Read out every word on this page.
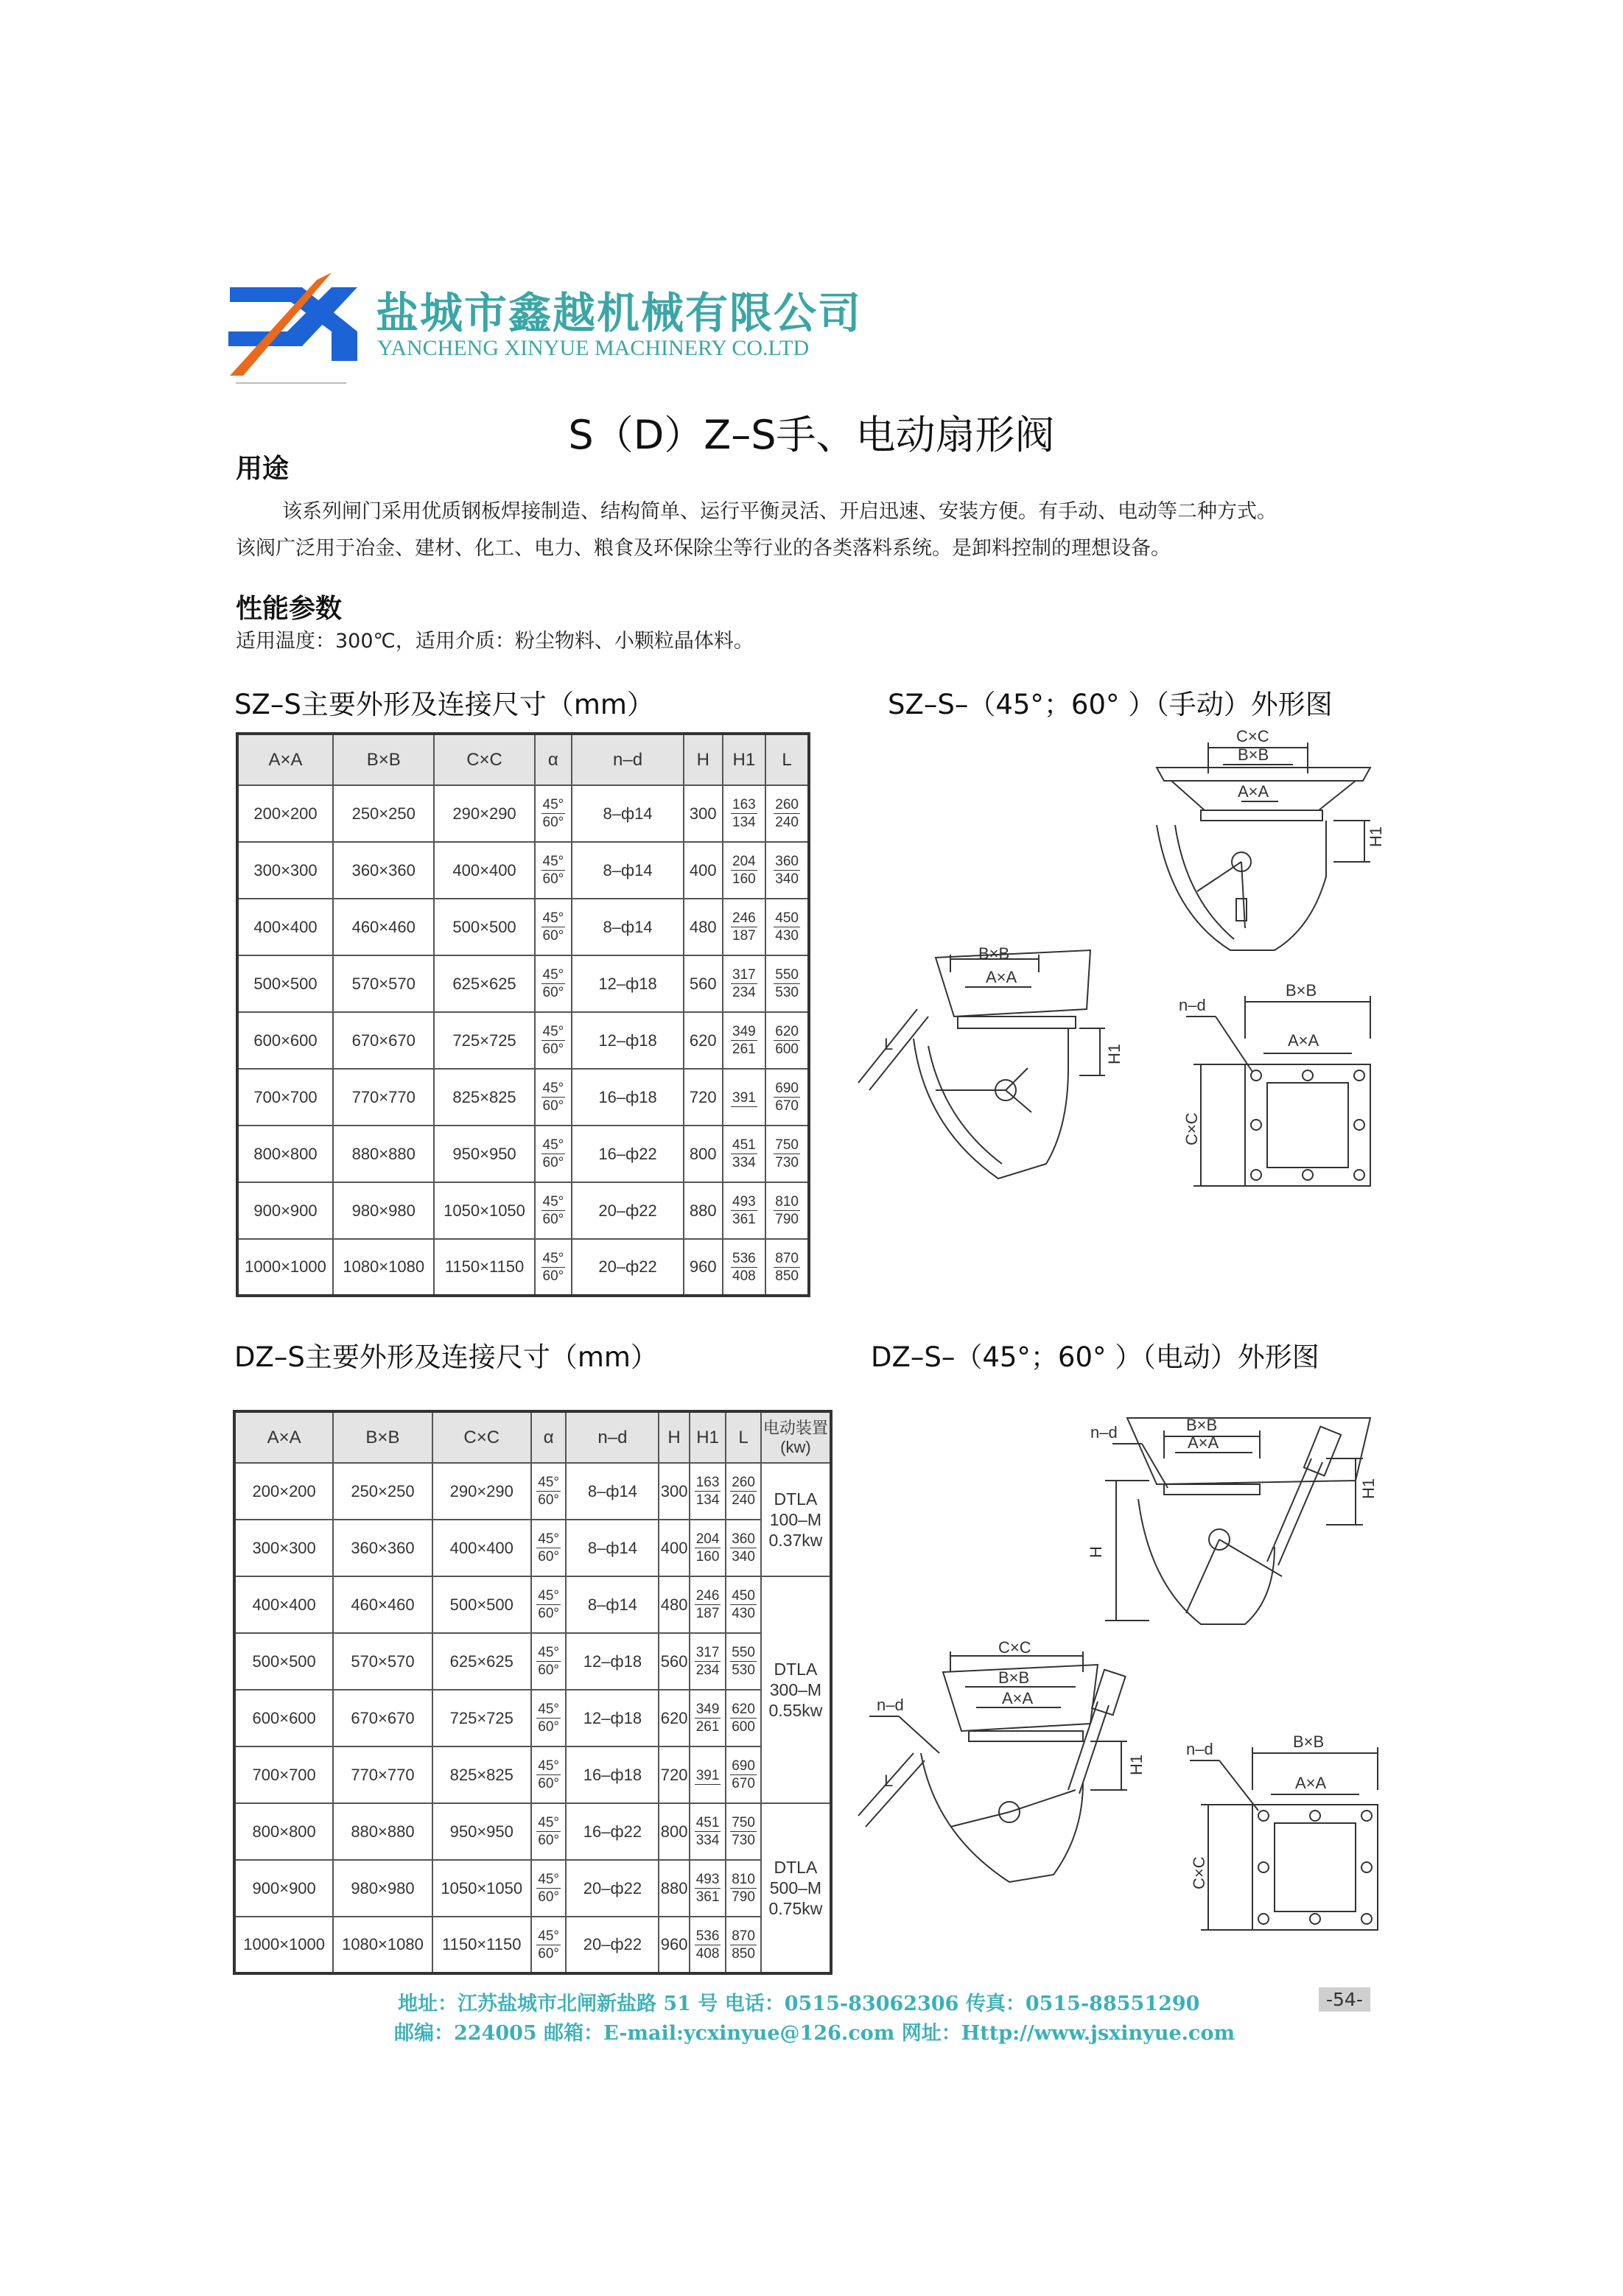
盐城市鑫越机械有限公司
YANCHENG XINYUE MACHINERY CO.LTD
S（D）Z–S手、电动扇形阀
用途
该系列闸门采用优质钢板焊接制造、结构简单、运行平衡灵活、开启迅速、安装方便。有手动、电动等二种方式。
该阀广泛用于冶金、建材、化工、电力、粮食及环保除尘等行业的各类落料系统。是卸料控制的理想设备。
性能参数
适用温度：300℃，适用介质：粉尘物料、小颗粒晶体料。
SZ–S主要外形及连接尺寸（mm）	SZ–S–（45°；60° ）（手动）外形图
A×A	B×B	C×C	α	n–d	H	H1	L
200×200	250×250	290×290	$\frac{45^\circ}{60^\circ}$	8–ф14	300	$\frac{163}{134}$	$\frac{260}{240}$

300×300	360×360	400×400	$\frac{45^\circ}{60^\circ}$	8–ф14	400	$\frac{204}{160}$	$\frac{360}{340}$

400×400	460×460	500×500	$\frac{45^\circ}{60^\circ}$	8–ф14	480	$\frac{246}{187}$	$\frac{450}{430}$

500×500	570×570	625×625	$\frac{45^\circ}{60^\circ}$	12–ф18	560	$\frac{317}{234}$	$\frac{550}{530}$

600×600	670×670	725×725	$\frac{45^\circ}{60^\circ}$	12–ф18	620	$\frac{349}{261}$	$\frac{620}{600}$

700×700	770×770	825×825	$\frac{45^\circ}{60^\circ}$	16–ф18	720	391	$\frac{690}{670}$

800×800	880×880	950×950	$\frac{45^\circ}{60^\circ}$	16–ф22	800	$\frac{451}{334}$	$\frac{750}{730}$

900×900	980×980	1050×1050	$\frac{45^\circ}{60^\circ}$	20–ф22	880	$\frac{493}{361}$	$\frac{810}{790}$

1000×1000	1080×1080	1150×1150	$\frac{45^\circ}{60^\circ}$	20–ф22	960	$\frac{536}{408}$	$\frac{870}{850}$
C×C
B×B
A×A
H1
B×B
A×A
H1
L
B×B
A×A
n–d
C×C
DZ–S主要外形及连接尺寸（mm）	DZ–S–（45°；60° ）（电动）外形图
A×A	B×B	C×C	α	n–d	H	H1	L	电动装置(kw)
200×200	250×250	290×290	$\frac{45^\circ}{60^\circ}$	8–ф14	300	$\frac{163}{134}$	$\frac{260}{240}$	DTLA 100–M 0.37kw
300×300	360×360	400×400	$\frac{45^\circ}{60^\circ}$	8–ф14	400	$\frac{204}{160}$	$\frac{360}{340}$

400×400	460×460	500×500	$\frac{45^\circ}{60^\circ}$	8–ф14	480	$\frac{246}{187}$	$\frac{450}{430}$	DTLA 300–M 0.55kw
500×500	570×570	625×625	$\frac{45^\circ}{60^\circ}$	12–ф18	560	$\frac{317}{234}$	$\frac{550}{530}$

600×600	670×670	725×725	$\frac{45^\circ}{60^\circ}$	12–ф18	620	$\frac{349}{261}$	$\frac{620}{600}$

700×700	770×770	825×825	$\frac{45^\circ}{60^\circ}$	16–ф18	720	391	$\frac{690}{670}$

800×800	880×880	950×950	$\frac{45^\circ}{60^\circ}$	16–ф22	800	$\frac{451}{334}$	$\frac{750}{730}$	DTLA 500–M 0.75kw
900×900	980×980	1050×1050	$\frac{45^\circ}{60^\circ}$	20–ф22	880	$\frac{493}{361}$	$\frac{810}{790}$

1000×1000	1080×1080	1150×1150	$\frac{45^\circ}{60^\circ}$	20–ф22	960	$\frac{536}{408}$	$\frac{870}{850}$
B×B
A×A
n–d
H
H1
C×C
B×B
A×A
n–d
H1
L
B×B
A×A
n–d
C×C
地址：江苏盐城市北闸新盐路 51 号 电话：0515-83062306 传真：0515-88551290
邮编：224005 邮箱：E-mail:ycxinyue@126.com 网址：Http://www.jsxinyue.com
-54-
